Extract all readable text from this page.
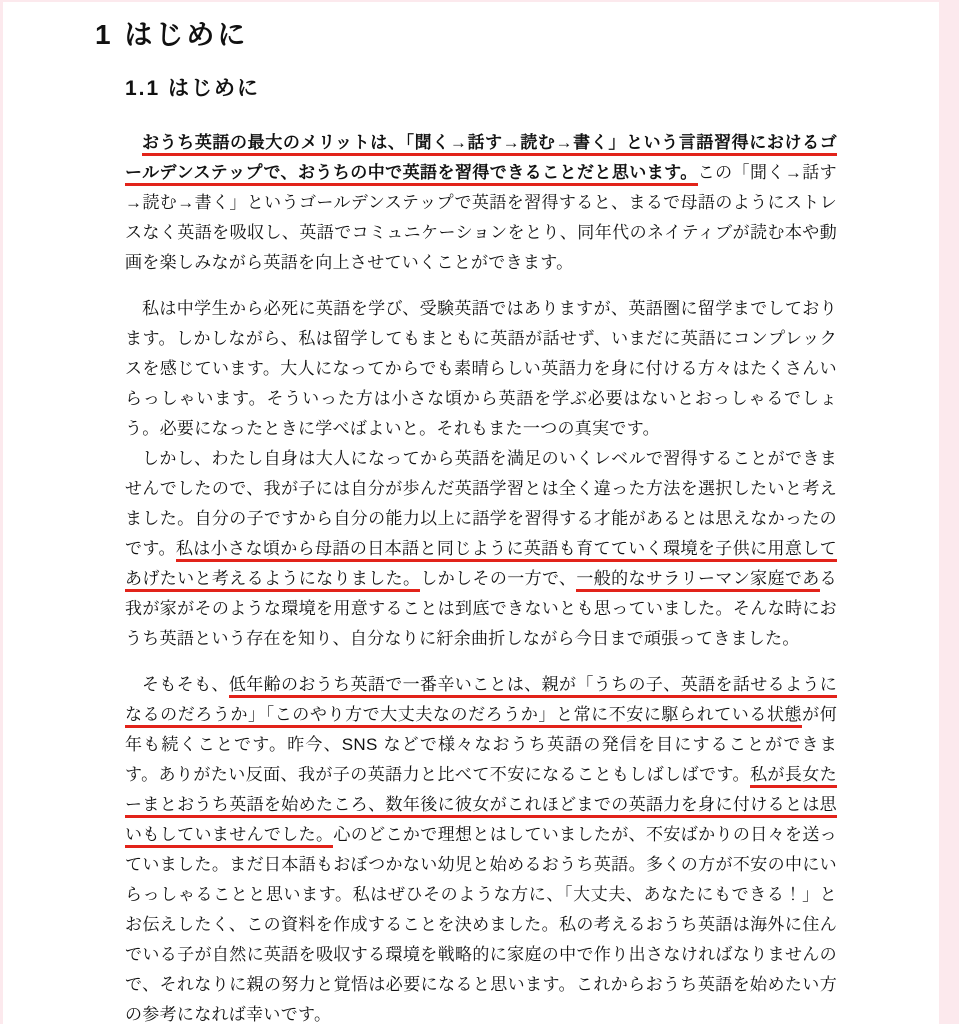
1 はじめに
1.1 はじめに

おうち英語の最大のメリットは、「聞く→話す→読む→書く」という言語習得におけるゴールデンステップで、おうちの中で英語を習得できることだと思います。この「聞く→話す→読む→書く」というゴールデンステップで英語を習得すると、まるで母語のようにストレスなく英語を吸収し、英語でコミュニケーションをとり、同年代のネイティブが読む本や動画を楽しみながら英語を向上させていくことができます。

私は中学生から必死に英語を学び、受験英語ではありますが、英語圏に留学までしております。しかしながら、私は留学してもまともに英語が話せず、いまだに英語にコンプレックスを感じています。大人になってからでも素晴らしい英語力を身に付ける方々はたくさんいらっしゃいます。そういった方は小さな頃から英語を学ぶ必要はないとおっしゃるでしょう。必要になったときに学べばよいと。それもまた一つの真実です。

しかし、わたし自身は大人になってから英語を満足のいくレベルで習得することができませんでしたので、我が子には自分が歩んだ英語学習とは全く違った方法を選択したいと考えました。自分の子ですから自分の能力以上に語学を習得する才能があるとは思えなかったのです。私は小さな頃から母語の日本語と同じように英語も育てていく環境を子供に用意してあげたいと考えるようになりました。しかしその一方で、一般的なサラリーマン家庭である我が家がそのような環境を用意することは到底できないとも思っていました。そんな時におうち英語という存在を知り、自分なりに紆余曲折しながら今日まで頑張ってきました。

そもそも、低年齢のおうち英語で一番辛いことは、親が「うちの子、英語を話せるようになるのだろうか」「このやり方で大丈夫なのだろうか」と常に不安に駆られている状態が何年も続くことです。昨今、SNS などで様々なおうち英語の発信を目にすることができます。ありがたい反面、我が子の英語力と比べて不安になることもしばしばです。私が長女たーまとおうち英語を始めたころ、数年後に彼女がこれほどまでの英語力を身に付けるとは思いもしていませんでした。心のどこかで理想とはしていましたが、不安ばかりの日々を送っていました。まだ日本語もおぼつかない幼児と始めるおうち英語。多くの方が不安の中にいらっしゃることと思います。私はぜひそのような方に、「大丈夫、あなたにもできる！」とお伝えしたく、この資料を作成することを決めました。私の考えるおうち英語は海外に住んでいる子が自然に英語を吸収する環境を戦略的に家庭の中で作り出さなければなりませんので、それなりに親の努力と覚悟は必要になると思います。これからおうち英語を始めたい方の参考になれば幸いです。
